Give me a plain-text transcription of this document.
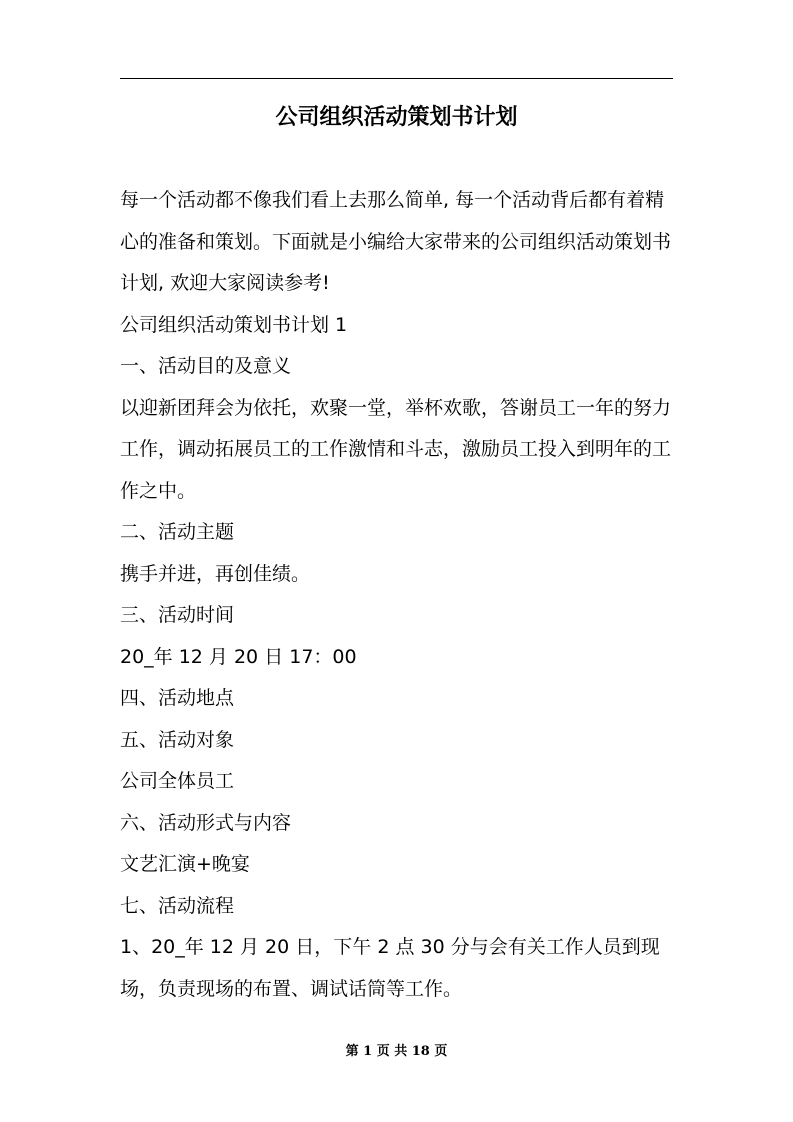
公司组织活动策划书计划

每一个活动都不像我们看上去那么简单, 每一个活动背后都有着精心的准备和策划。下面就是小编给大家带来的公司组织活动策划书计划, 欢迎大家阅读参考!

公司组织活动策划书计划 1

一、活动目的及意义

以迎新团拜会为依托，欢聚一堂，举杯欢歌，答谢员工一年的努力工作，调动拓展员工的工作激情和斗志，激励员工投入到明年的工作之中。

二、活动主题

携手并进，再创佳绩。

三、活动时间

20_年 12 月 20 日 17：00

四、活动地点

五、活动对象

公司全体员工

六、活动形式与内容

文艺汇演+晚宴

七、活动流程

1、20_年 12 月 20 日，下午 2 点 30 分与会有关工作人员到现场，负责现场的布置、调试话筒等工作。

第 1 页 共 18 页
